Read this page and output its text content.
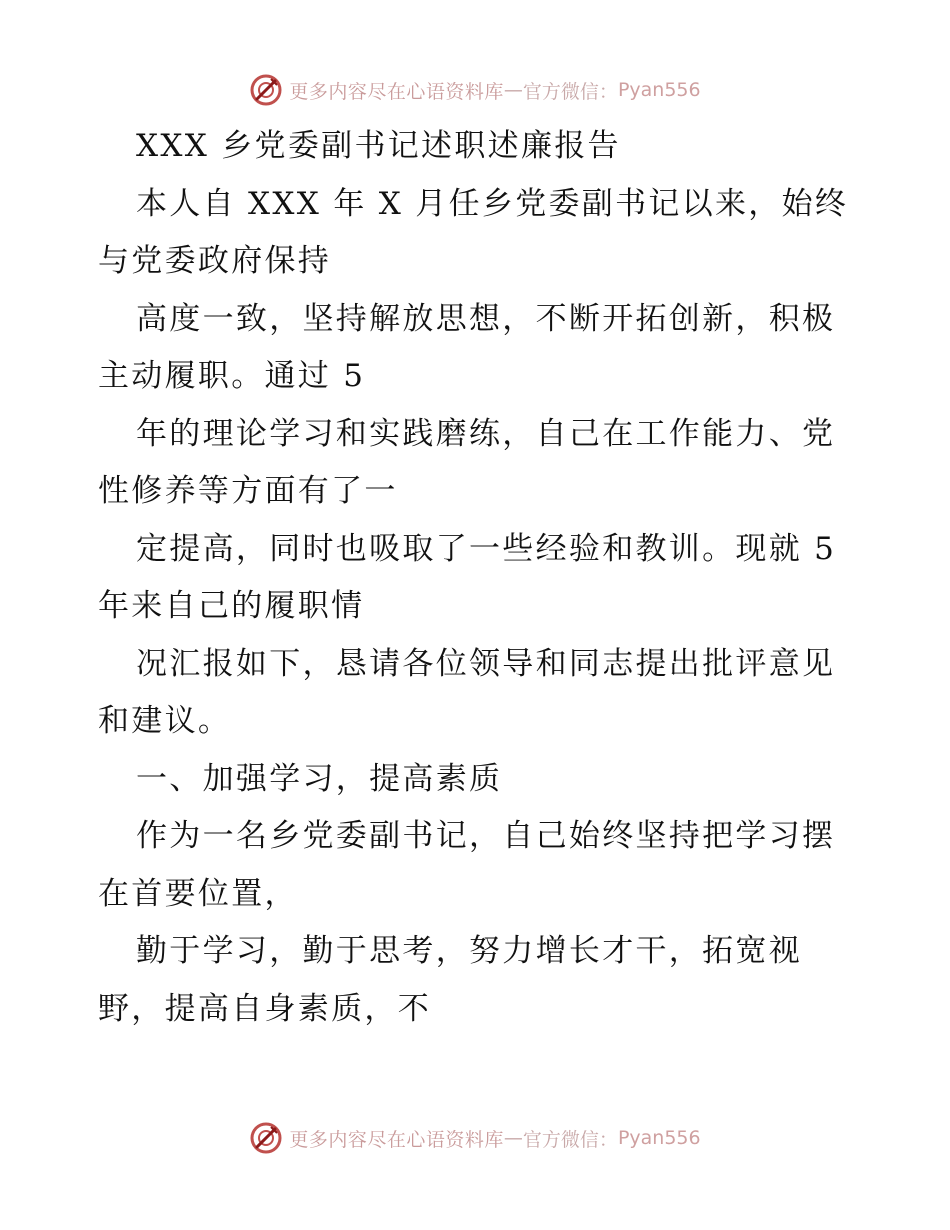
更多内容尽在心语资料库 — 官方微信： Pyan556

XXX 乡党委副书记述职述廉报告

本人自 XXX 年 X 月任乡党委副书记以来，始终

与党委政府保持

高度一致，坚持解放思想，不断开拓创新，积极

主动履职。通过 5

年的理论学习和实践磨练，自己在工作能力、党

性修养等方面有了一

定提高，同时也吸取了一些经验和教训。现就 5

年来自己的履职情

况汇报如下，恳请各位领导和同志提出批评意见

和建议。

一、加强学习，提高素质

作为一名乡党委副书记，自己始终坚持把学习摆

在首要位置，

勤于学习，勤于思考，努力增长才干，拓宽视

野，提高自身素质，不

更多内容尽在心语资料库 — 官方微信： Pyan556
